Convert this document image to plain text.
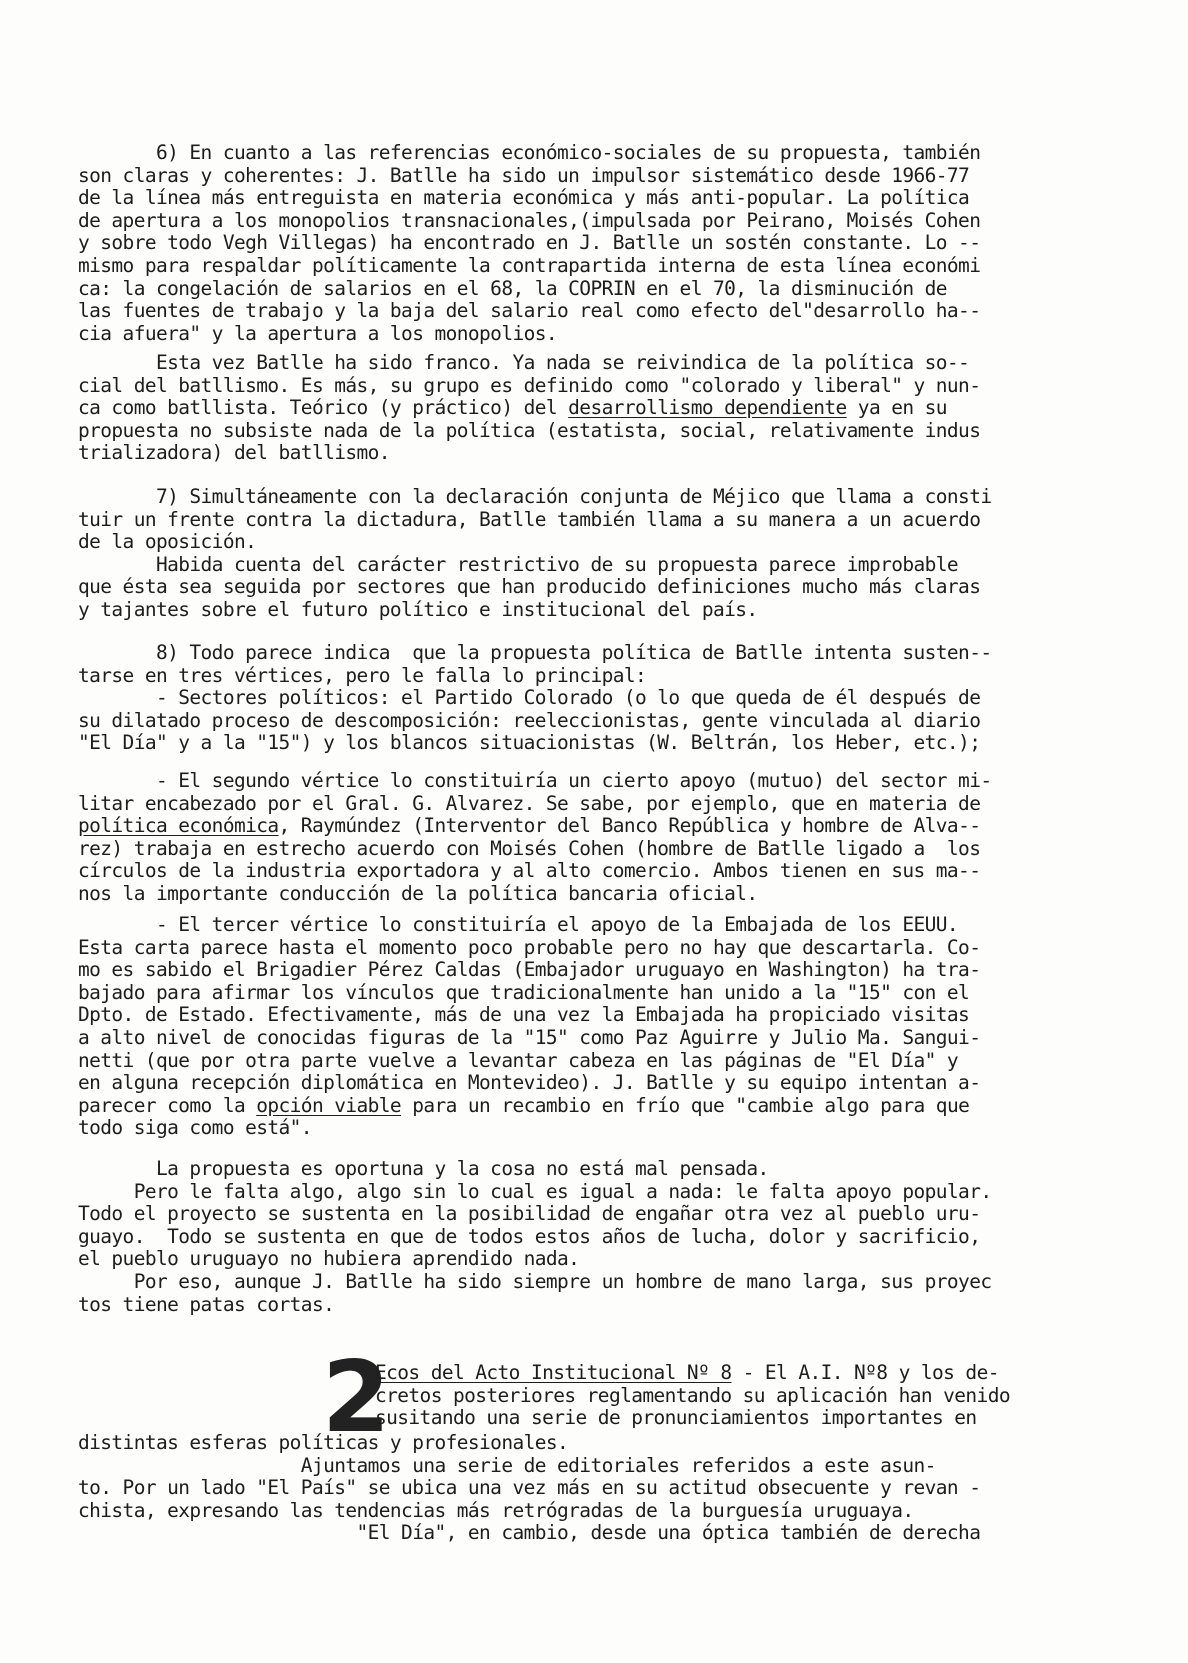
6) En cuanto a las referencias económico-sociales de su propuesta, también
son claras y coherentes: J. Batlle ha sido un impulsor sistemático desde 1966-77
de la línea más entreguista en materia económica y más anti-popular. La política
de apertura a los monopolios transnacionales,(impulsada por Peirano, Moisés Cohen
y sobre todo Vegh Villegas) ha encontrado en J. Batlle un sostén constante. Lo --
mismo para respaldar políticamente la contrapartida interna de esta línea económi
ca: la congelación de salarios en el 68, la COPRIN en el 70, la disminución de
las fuentes de trabajo y la baja del salario real como efecto del"desarrollo ha--
cia afuera" y la apertura a los monopolios.
Esta vez Batlle ha sido franco. Ya nada se reivindica de la política so--
cial del batllismo. Es más, su grupo es definido como "colorado y liberal" y nun-
ca como batllista. Teórico (y práctico) del desarrollismo dependiente ya en su
propuesta no subsiste nada de la política (estatista, social, relativamente indus
trializadora) del batllismo.
7) Simultáneamente con la declaración conjunta de Méjico que llama a consti
tuir un frente contra la dictadura, Batlle también llama a su manera a un acuerdo
de la oposición.
Habida cuenta del carácter restrictivo de su propuesta parece improbable
que ésta sea seguida por sectores que han producido definiciones mucho más claras
y tajantes sobre el futuro político e institucional del país.
8) Todo parece indica  que la propuesta política de Batlle intenta susten--
tarse en tres vértices, pero le falla lo principal:
- Sectores políticos: el Partido Colorado (o lo que queda de él después de
su dilatado proceso de descomposición: reeleccionistas, gente vinculada al diario
"El Día" y a la "15") y los blancos situacionistas (W. Beltrán, los Heber, etc.);
- El segundo vértice lo constituiría un cierto apoyo (mutuo) del sector mi-
litar encabezado por el Gral. G. Alvarez. Se sabe, por ejemplo, que en materia de
política económica, Raymúndez (Interventor del Banco República y hombre de Alva--
rez) trabaja en estrecho acuerdo con Moisés Cohen (hombre de Batlle ligado a  los
círculos de la industria exportadora y al alto comercio. Ambos tienen en sus ma--
nos la importante conducción de la política bancaria oficial.
- El tercer vértice lo constituiría el apoyo de la Embajada de los EEUU.
Esta carta parece hasta el momento poco probable pero no hay que descartarla. Co-
mo es sabido el Brigadier Pérez Caldas (Embajador uruguayo en Washington) ha tra-
bajado para afirmar los vínculos que tradicionalmente han unido a la "15" con el
Dpto. de Estado. Efectivamente, más de una vez la Embajada ha propiciado visitas
a alto nivel de conocidas figuras de la "15" como Paz Aguirre y Julio Ma. Sangui-
netti (que por otra parte vuelve a levantar cabeza en las páginas de "El Día" y
en alguna recepción diplomática en Montevideo). J. Batlle y su equipo intentan a-
parecer como la opción viable para un recambio en frío que "cambie algo para que
todo siga como está".
La propuesta es oportuna y la cosa no está mal pensada.
Pero le falta algo, algo sin lo cual es igual a nada: le falta apoyo popular.
Todo el proyecto se sustenta en la posibilidad de engañar otra vez al pueblo uru-
guayo.  Todo se sustenta en que de todos estos años de lucha, dolor y sacrificio,
el pueblo uruguayo no hubiera aprendido nada.
Por eso, aunque J. Batlle ha sido siempre un hombre de mano larga, sus proyec
tos tiene patas cortas.
2
Ecos del Acto Institucional Nº 8 - El A.I. Nº8 y los de-
cretos posteriores reglamentando su aplicación han venido
susitando una serie de pronunciamientos importantes en
distintas esferas políticas y profesionales.
Ajuntamos una serie de editoriales referidos a este asun-
to. Por un lado "El País" se ubica una vez más en su actitud obsecuente y revan -
chista, expresando las tendencias más retrógradas de la burguesía uruguaya.
"El Día", en cambio, desde una óptica también de derecha
